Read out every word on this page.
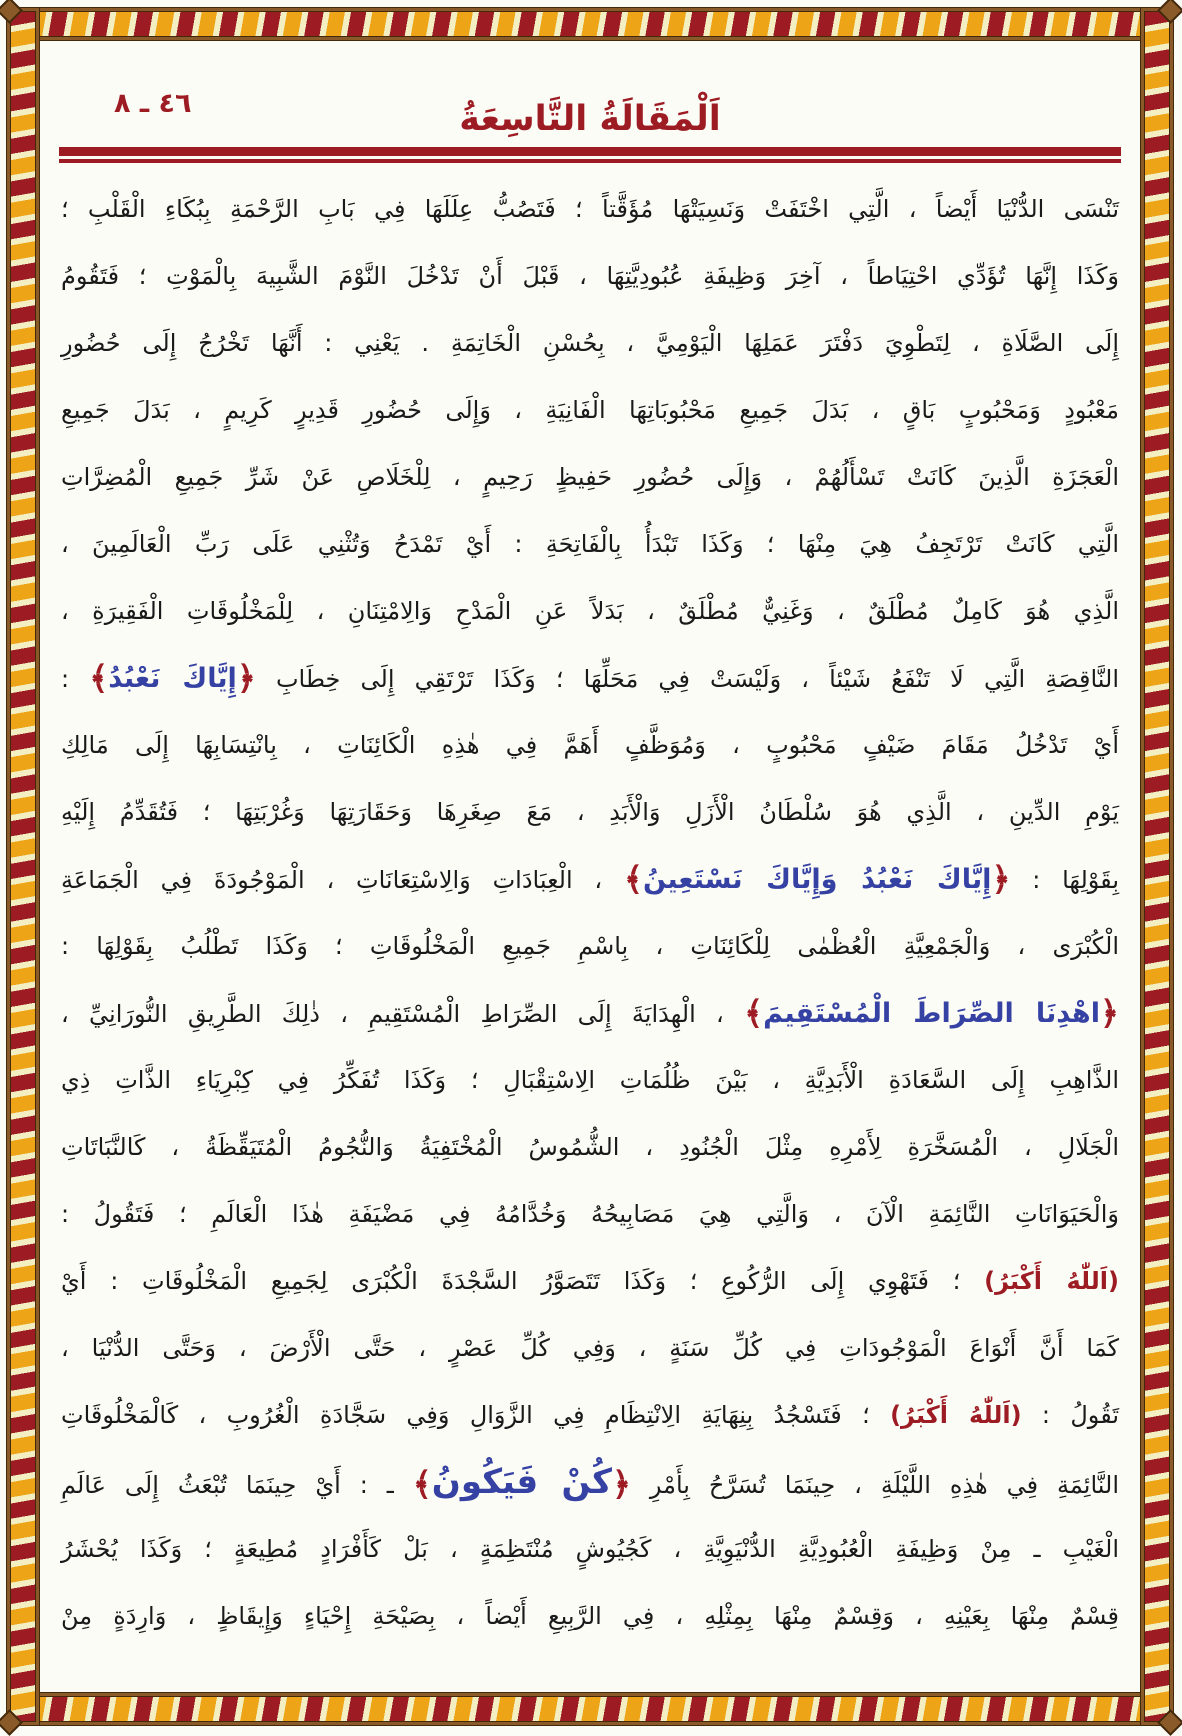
اَلْمَقَالَةُ التَّاسِعَةُ
٤٦ ـ ٨
تَنْسَى الدُّنْيَا أَيْضاً ، الَّتِي اخْتَفَتْ وَنَسِيَتْهَا مُؤَقَّتاً ؛ فَتَصُبُّ عِلَلَهَا فِي بَابِ الرَّحْمَةِ بِبُكَاءِ الْقَلْبِ ؛
وَكَذَا إِنَّهَا تُؤَدِّي احْتِيَاطاً ، آخِرَ وَظِيفَةِ عُبُودِيَّتِهَا ، قَبْلَ أَنْ تَدْخُلَ النَّوْمَ الشَّبِيهَ بِالْمَوْتِ ؛ فَتَقُومُ
إِلَى الصَّلَاةِ ، لِتَطْوِيَ دَفْتَرَ عَمَلِهَا الْيَوْمِيَّ ، بِحُسْنِ الْخَاتِمَةِ . يَعْنِي : أَنَّهَا تَخْرُجُ إِلَى حُضُورِ
مَعْبُودٍ وَمَحْبُوبٍ بَاقٍ ، بَدَلَ جَمِيعِ مَحْبُوبَاتِهَا الْفَانِيَةِ ، وَإِلَى حُضُورِ قَدِيرٍ كَرِيمٍ ، بَدَلَ جَمِيعِ
الْعَجَزَةِ الَّذِينَ كَانَتْ تَسْأَلُهُمْ ، وَإِلَى حُضُورِ حَفِيظٍ رَحِيمٍ ، لِلْخَلَاصِ عَنْ شَرِّ جَمِيعِ الْمُضِرَّاتِ
الَّتِي كَانَتْ تَرْتَجِفُ هِيَ مِنْهَا ؛ وَكَذَا تَبْدَأُ بِالْفَاتِحَةِ : أَيْ تَمْدَحُ وَتُثْنِي عَلَى رَبِّ الْعَالَمِينَ ،
الَّذِي هُوَ كَامِلٌ مُطْلَقٌ ، وَغَنِيٌّ مُطْلَقٌ ، بَدَلاً عَنِ الْمَدْحِ وَالِامْتِنَانِ ، لِلْمَخْلُوقَاتِ الْفَقِيرَةِ ،
النَّاقِصَةِ الَّتِي لَا تَنْفَعُ شَيْئاً ، وَلَيْسَتْ فِي مَحَلِّهَا ؛ وَكَذَا تَرْتَقِي إِلَى خِطَابِ ﴿إِيَّاكَ نَعْبُدُ﴾ :
أَيْ تَدْخُلُ مَقَامَ ضَيْفٍ مَحْبُوبٍ ، وَمُوَظَّفٍ أَهَمَّ فِي هٰذِهِ الْكَائِنَاتِ ، بِانْتِسَابِهَا إِلَى مَالِكِ
يَوْمِ الدِّينِ ، الَّذِي هُوَ سُلْطَانُ الْأَزَلِ وَالْأَبَدِ ، مَعَ صِغَرِهَا وَحَقَارَتِهَا وَغُرْبَتِهَا ؛ فَتُقَدِّمُ إِلَيْهِ
بِقَوْلِهَا : ﴿إِيَّاكَ نَعْبُدُ وَإِيَّاكَ نَسْتَعِينُ﴾ ، الْعِبَادَاتِ وَالِاسْتِعَانَاتِ ، الْمَوْجُودَةَ فِي الْجَمَاعَةِ
الْكُبْرَى ، وَالْجَمْعِيَّةِ الْعُظْمٰى لِلْكَائِنَاتِ ، بِاسْمِ جَمِيعِ الْمَخْلُوقَاتِ ؛ وَكَذَا تَطْلُبُ بِقَوْلِهَا :
﴿اهْدِنَا الصِّرَاطَ الْمُسْتَقِيمَ﴾ ، الْهِدَايَةَ إِلَى الصِّرَاطِ الْمُسْتَقِيمِ ، ذٰلِكَ الطَّرِيقِ النُّورَانِيِّ ،
الذَّاهِبِ إِلَى السَّعَادَةِ الْأَبَدِيَّةِ ، بَيْنَ ظُلُمَاتِ الِاسْتِقْبَالِ ؛ وَكَذَا تُفَكِّرُ فِي كِبْرِيَاءِ الذَّاتِ ذِي
الْجَلَالِ ، الْمُسَخَّرَةِ لِأَمْرِهِ مِثْلَ الْجُنُودِ ، الشُّمُوسُ الْمُخْتَفِيَةُ وَالنُّجُومُ الْمُتَيَقِّظَةُ ، كَالنَّبَاتَاتِ
وَالْحَيَوَانَاتِ النَّائِمَةِ الْآنَ ، وَالَّتِي هِيَ مَصَابِيحُهُ وَخُدَّامُهُ فِي مَضْيَفَةِ هٰذَا الْعَالَمِ ؛ فَتَقُولُ :
(اَللّٰهُ أَكْبَرُ) ؛ فَتَهْوِي إِلَى الرُّكُوعِ ؛ وَكَذَا تَتَصَوَّرُ السَّجْدَةَ الْكُبْرَى لِجَمِيعِ الْمَخْلُوقَاتِ : أَيْ
كَمَا أَنَّ أَنْوَاعَ الْمَوْجُودَاتِ فِي كُلِّ سَنَةٍ ، وَفِي كُلِّ عَصْرٍ ، حَتَّى الْأَرْضَ ، وَحَتَّى الدُّنْيَا ،
تَقُولُ : (اَللّٰهُ أَكْبَرُ) ؛ فَتَسْجُدُ بِنِهَايَةِ الِانْتِظَامِ فِي الزَّوَالِ وَفِي سَجَّادَةِ الْغُرُوبِ ، كَالْمَخْلُوقَاتِ
النَّائِمَةِ فِي هٰذِهِ اللَّيْلَةِ ، حِينَمَا تُسَرَّحُ بِأَمْرِ ﴿كُنْ فَيَكُونُ﴾ ـ : أَيْ حِينَمَا تُبْعَثُ إِلَى عَالَمِ
الْغَيْبِ ـ مِنْ وَظِيفَةِ الْعُبُودِيَّةِ الدُّنْيَوِيَّةِ ، كَجُيُوشٍ مُنْتَظِمَةٍ ، بَلْ كَأَفْرَادٍ مُطِيعَةٍ ؛ وَكَذَا يُحْشَرُ
قِسْمٌ مِنْهَا بِعَيْنِهِ ، وَقِسْمٌ مِنْهَا بِمِثْلِهِ ، فِي الرَّبِيعِ أَيْضاً ، بِصَيْحَةِ إِحْيَاءٍ وَإِيقَاظٍ ، وَارِدَةٍ مِنْ
